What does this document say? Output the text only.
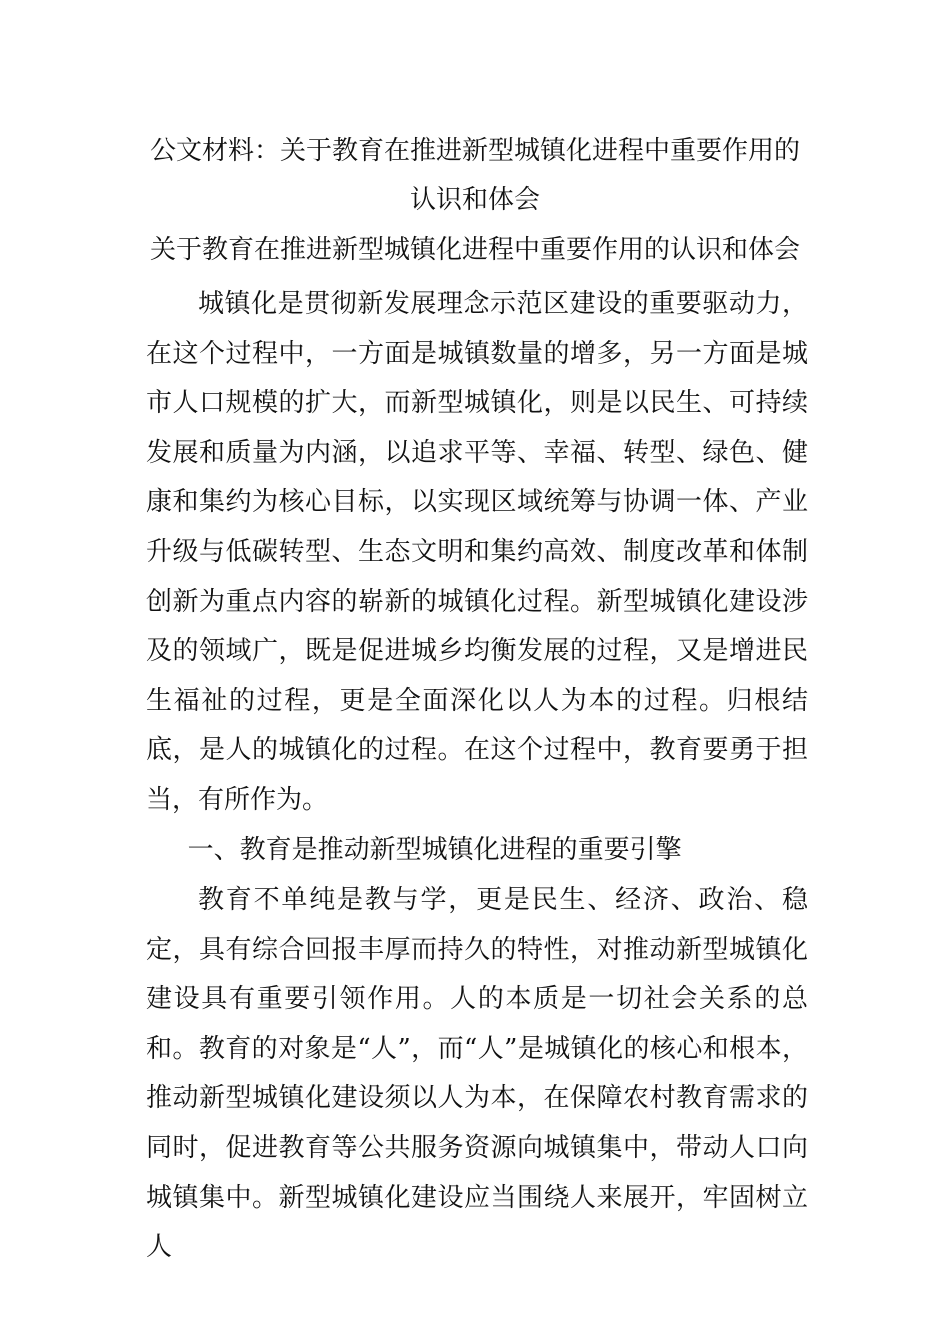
公文材料：关于教育在推进新型城镇化进程中重要作用的
认识和体会
关于教育在推进新型城镇化进程中重要作用的认识和体会

城镇化是贯彻新发展理念示范区建设的重要驱动力，在这个过程中，一方面是城镇数量的增多，另一方面是城市人口规模的扩大，而新型城镇化，则是以民生、可持续发展和质量为内涵，以追求平等、幸福、转型、绿色、健康和集约为核心目标，以实现区域统筹与协调一体、产业升级与低碳转型、生态文明和集约高效、制度改革和体制创新为重点内容的崭新的城镇化过程。新型城镇化建设涉及的领域广，既是促进城乡均衡发展的过程，又是增进民生福祉的过程，更是全面深化以人为本的过程。归根结底，是人的城镇化的过程。在这个过程中，教育要勇于担当，有所作为。

一、教育是推动新型城镇化进程的重要引擎

教育不单纯是教与学，更是民生、经济、政治、稳定，具有综合回报丰厚而持久的特性，对推动新型城镇化建设具有重要引领作用。人的本质是一切社会关系的总和。教育的对象是“人”，而“人”是城镇化的核心和根本，推动新型城镇化建设须以人为本，在保障农村教育需求的同时，促进教育等公共服务资源向城镇集中，带动人口向城镇集中。新型城镇化建设应当围绕人来展开，牢固树立人
